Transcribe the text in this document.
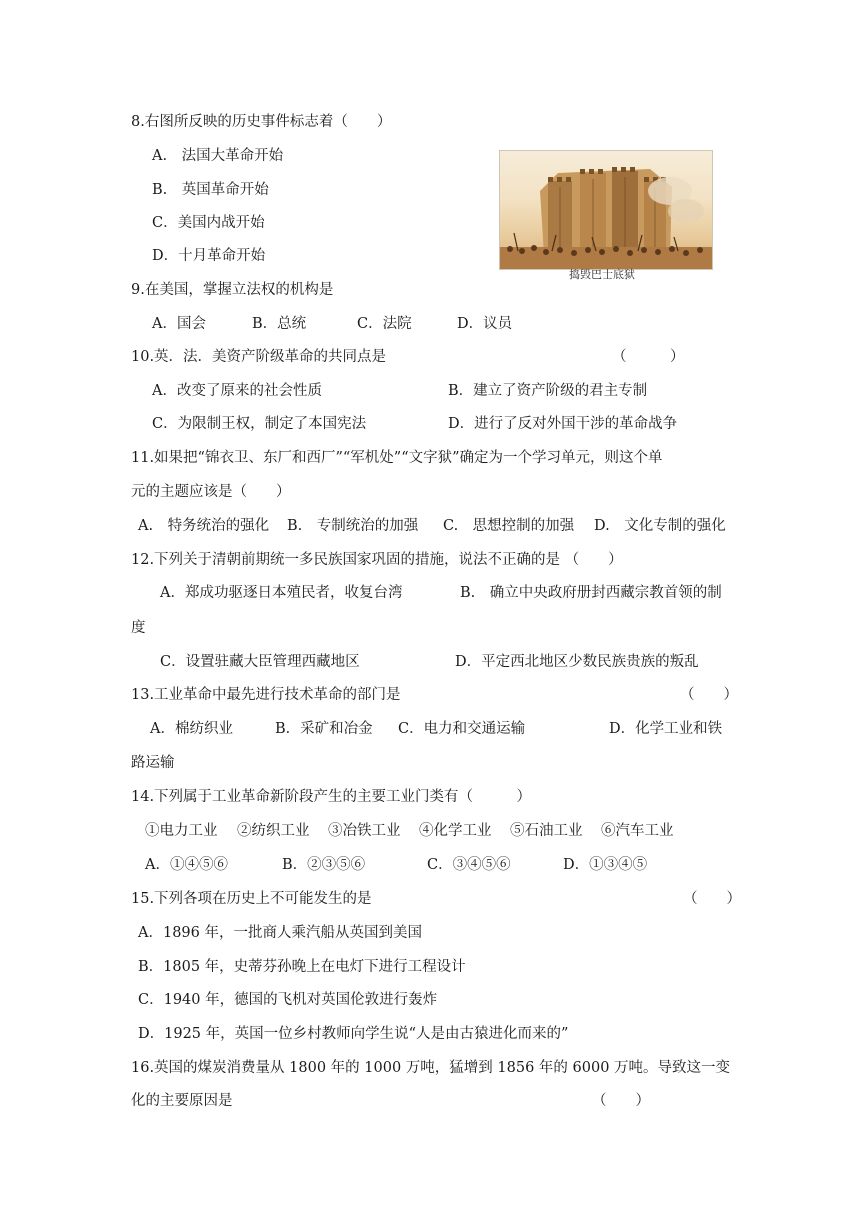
8.右图所反映的历史事件标志着（　　）
A.　法国大革命开始
B.　英国革命开始
C．美国内战开始
D．十月革命开始
捣毁巴士底狱
9.在美国，掌握立法权的机构是
A．国会	B．总统	C．法院	D．议员
10.英．法．美资产阶级革命的共同点是	（　　　）
A．改变了原来的社会性质	B．建立了资产阶级的君主专制
C．为限制王权，制定了本国宪法	D．进行了反对外国干涉的革命战争
11.如果把“锦衣卫、东厂和西厂”“军机处”“文字狱”确定为一个学习单元，则这个单
元的主题应该是（　　）
A.　特务统治的强化 B.　专制统治的加强 C.　思想控制的加强 D.　文化专制的强化
12.下列关于清朝前期统一多民族国家巩固的措施，说法不正确的是 （　　）
A．郑成功驱逐日本殖民者，收复台湾	B.　确立中央政府册封西藏宗教首领的制
度
C．设置驻藏大臣管理西藏地区	D．平定西北地区少数民族贵族的叛乱
13.工业革命中最先进行技术革命的部门是	（　　）
A．棉纺织业	B．采矿和冶金 C．电力和交通运输	D．化学工业和铁
路运输
14.下列属于工业革命新阶段产生的主要工业门类有（　　　）
①电力工业 ②纺织工业 ③冶铁工业 ④化学工业 ⑤石油工业 ⑥汽车工业
A．①④⑤⑥	B．②③⑤⑥	C．③④⑤⑥	D．①③④⑤
15.下列各项在历史上不可能发生的是	（　　）
A．1896 年，一批商人乘汽船从英国到美国
B．1805 年，史蒂芬孙晚上在电灯下进行工程设计
C．1940 年，德国的飞机对英国伦敦进行轰炸
D．1925 年，英国一位乡村教师向学生说“人是由古猿进化而来的”
16.英国的煤炭消费量从 1800 年的 1000 万吨，猛增到 1856 年的 6000 万吨。导致这一变
化的主要原因是	（　　）
